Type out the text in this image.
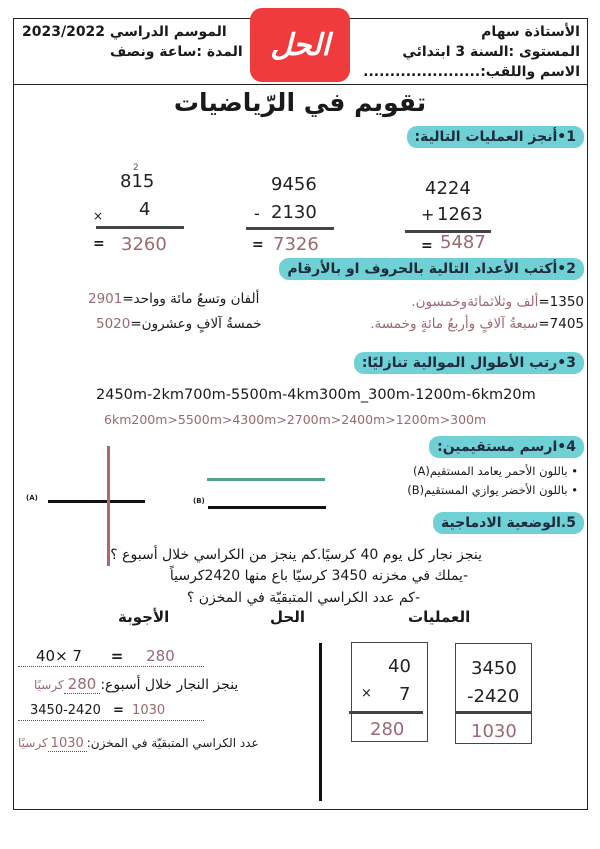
الأستاذة سهام
المستوى :السنة 3 ابتدائي
الاسم واللقب:......................
الموسم الدراسي 2023/2022
المدة :ساعة ونصف الحل
تقويم في الرّياضيات
1•أنجز العمليات التالية:
815
2
× 4
= 3260
9456
- 2130
= 7326
4224
+ 1263
= 5487
2•أكتب الأعداد التالية بالحروف او بالأرقام
1350=ألف وثلاثمائةوخمسون.
ألفان وتسعُ مائة وواحد=2901
7405=سبعةُ آلافٍ وأربعُ مائةٍ وخمسة.
خمسةُ آلافٍ وعشرون=5020
3•رتب الأطوال الموالية تنازليًا:
2450m-2km700m-5500m-4km300m_300m-1200m-6km20m
6km200m>5500m>4300m>2700m>2400m>1200m>300m
4•ارسم مستقيمين:
• باللون الأحمر يعامد المستقيم(A)
• باللون الأخضر يوازي المستقيم(B)
(A)	(B)
5.الوضعية الادماجية
ينجز نجار كل يوم 40 كرسيًا.كم ينجز من الكراسي خلال أسبوع ؟
-يملك في مخزنه 3450 كرسيّا باع منها 2420كرسياً
-كم عدد الكراسي المتبقيّة في المخزن ؟
العمليات
الحل
الأجوبة
40
× 7
280
3450
-2420
1030
40× 7 = 280
ينجز النجار خلال أسبوع:280كرسيًا
3450-2420 = 1030
عدد الكراسي المتبقيّة في المخزن:1030كرسيًا
